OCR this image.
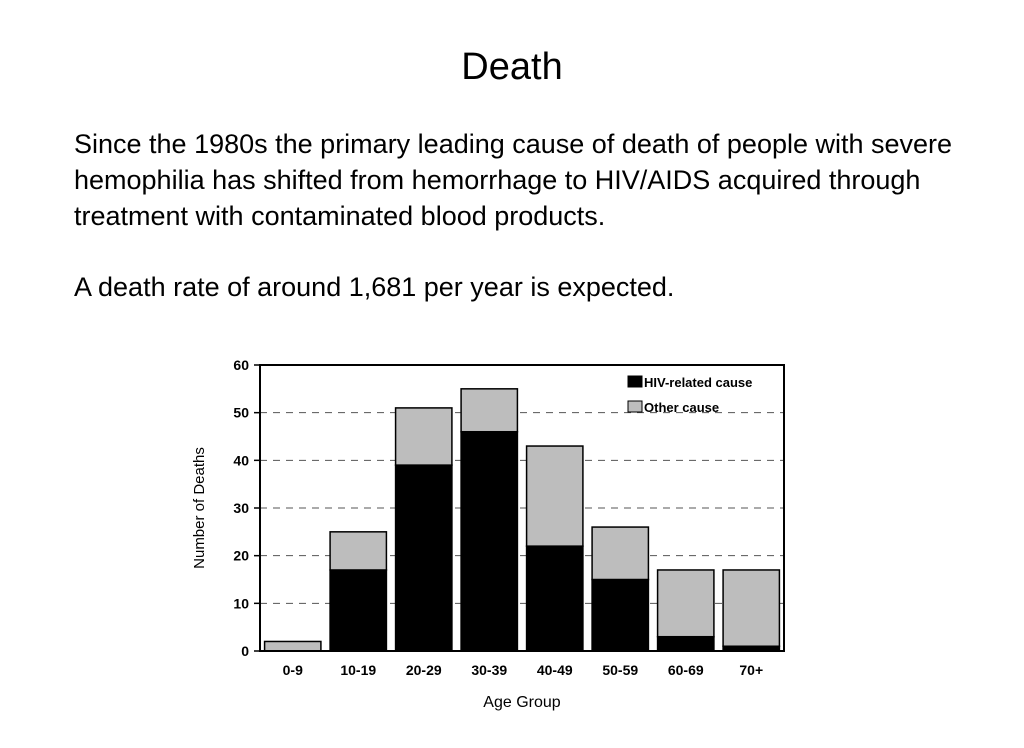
Death
Since the 1980s the primary leading cause of death of people with severe hemophilia has shifted from hemorrhage to HIV/AIDS acquired through treatment with contaminated blood products.
A death rate of around 1,681 per year is expected.
0
10
20
30
40
50
60
0-9	10-19 20-29 30-39 40-49 50-59 60-69	70+
HIV-related cause
Other cause
Number of Deaths
Age Group
